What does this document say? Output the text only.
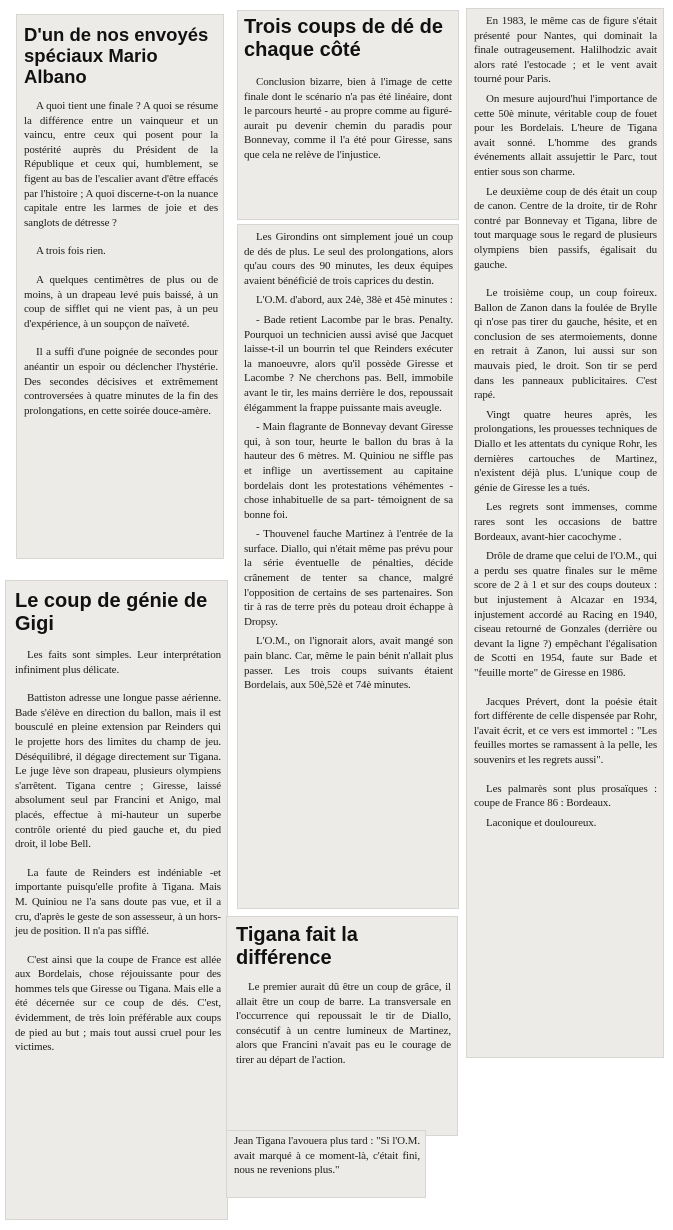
D'un de nos envoyés spéciaux Mario Albano

A quoi tient une finale ? A quoi se résume la différence entre un vainqueur et un vaincu, entre ceux qui posent pour la postérité auprès du Président de la République et ceux qui, humblement, se figent au bas de l'escalier avant d'être effacés par l'histoire ; A quoi discerne-t-on la nuance capitale entre les larmes de joie et des sanglots de détresse ?

A trois fois rien.

A quelques centimètres de plus ou de moins, à un drapeau levé puis baissé, à un coup de sifflet qui ne vient pas, à un peu d'expérience, à un soupçon de naïveté.

Il a suffi d'une poignée de secondes pour anéantir un espoir ou déclencher l'hystérie. Des secondes décisives et extrêmement controversées à quatre minutes de la fin des prolongations, en cette soirée douce-amère.

Le coup de génie de Gigi

Les faits sont simples. Leur interprétation infiniment plus délicate.

Battiston adresse une longue passe aérienne. Bade s'élève en direction du ballon, mais il est bousculé en pleine extension par Reinders qui le projette hors des limites du champ de jeu. Déséquilibré, il dégage directement sur Tigana. Le juge lève son drapeau, plusieurs olympiens s'arrêtent. Tigana centre ; Giresse, laissé absolument seul par Francini et Anigo, mal placés, effectue à mi-hauteur un superbe contrôle orienté du pied gauche et, du pied droit, il lobe Bell.

La faute de Reinders est indéniable -et importante puisqu'elle profite à Tigana. Mais M. Quiniou ne l'a sans doute pas vue, et il a cru, d'après le geste de son assesseur, à un hors-jeu de position. Il n'a pas sifflé.

C'est ainsi que la coupe de France est allée aux Bordelais, chose réjouissante pour des hommes tels que Giresse ou Tigana. Mais elle a été décernée sur ce coup de dés. C'est, évidemment, de très loin préférable aux coups de pied au but ; mais tout aussi cruel pour les victimes.

Trois coups de dé de chaque côté

Conclusion bizarre, bien à l'image de cette finale dont le scénario n'a pas été linéaire, dont le parcours heurté - au propre comme au figuré- aurait pu devenir chemin du paradis pour Bonnevay, comme il l'a été pour Giresse, sans que cela ne relève de l'injustice.

Les Girondins ont simplement joué un coup de dés de plus. Le seul des prolongations, alors qu'au cours des 90 minutes, les deux équipes avaient bénéficié de trois caprices du destin.

L'O.M. d'abord, aux 24è, 38è et 45è minutes :

- Bade retient Lacombe par le bras. Penalty. Pourquoi un technicien aussi avisé que Jacquet laisse-t-il un bourrin tel que Reinders exécuter la manoeuvre, alors qu'il possède Giresse et Lacombe ? Ne cherchons pas. Bell, immobile avant le tir, les mains derrière le dos, repoussait élégamment la frappe puissante mais aveugle.

- Main flagrante de Bonnevay devant Giresse qui, à son tour, heurte le ballon du bras à la hauteur des 6 mètres. M. Quiniou ne siffle pas et inflige un avertissement au capitaine bordelais dont les protestations véhémentes -chose inhabituelle de sa part- témoignent de sa bonne foi.

- Thouvenel fauche Martinez à l'entrée de la surface. Diallo, qui n'était même pas prévu pour la série éventuelle de pénalties, décide crânement de tenter sa chance, malgré l'opposition de certains de ses partenaires. Son tir à ras de terre près du poteau droit échappe à Dropsy.

L'O.M., on l'ignorait alors, avait mangé son pain blanc. Car, même le pain bénit n'allait plus passer. Les trois coups suivants étaient Bordelais, aux 50è,52è et 74è minutes.

Tigana fait la différence

Le premier aurait dû être un coup de grâce, il allait être un coup de barre. La transversale en l'occurrence qui repoussait le tir de Diallo, consécutif à un centre lumineux de Martinez, alors que Francini n'avait pas eu le courage de tirer au départ de l'action.

Jean Tigana l'avouera plus tard : "Si l'O.M. avait marqué à ce moment-là, c'était fini, nous ne revenions plus."

En 1983, le même cas de figure s'était présenté pour Nantes, qui dominait la finale outrageusement. Halilhodzic avait alors raté l'estocade ; et le vent avait tourné pour Paris.

On mesure aujourd'hui l'importance de cette 50è minute, véritable coup de fouet pour les Bordelais. L'heure de Tigana avait sonné. L'homme des grands événements allait assujettir le Parc, tout entier sous son charme.

Le deuxième coup de dés était un coup de canon. Centre de la droite, tir de Rohr contré par Bonnevay et Tigana, libre de tout marquage sous le regard de plusieurs olympiens bien passifs, égalisait du gauche.

Le troisième coup, un coup foireux. Ballon de Zanon dans la foulée de Brylle qi n'ose pas tirer du gauche, hésite, et en conclusion de ses atermoiements, donne en retrait à Zanon, lui aussi sur son mauvais pied, le droit. Son tir se perd dans les panneaux publicitaires. C'est rapé.

Vingt quatre heures après, les prolongations, les prouesses techniques de Diallo et les attentats du cynique Rohr, les dernières cartouches de Martinez, n'existent déjà plus. L'unique coup de génie de Giresse les a tués.

Les regrets sont immenses, comme rares sont les occasions de battre Bordeaux, avant-hier cacochyme .

Drôle de drame que celui de l'O.M., qui a perdu ses quatre finales sur le même score de 2 à 1 et sur des coups douteux : but injustement à Alcazar en 1934, injustement accordé au Racing en 1940, ciseau retourné de Gonzales (derrière ou devant la ligne ?) empêchant l'égalisation de Scotti en 1954, faute sur Bade et "feuille morte" de Giresse en 1986.

Jacques Prévert, dont la poésie était fort différente de celle dispensée par Rohr, l'avait écrit, et ce vers est immortel : "Les feuilles mortes se ramassent à la pelle, les souvenirs et les regrets aussi".

Les palmarès sont plus prosaïques : coupe de France 86 : Bordeaux.

Laconique et douloureux.
